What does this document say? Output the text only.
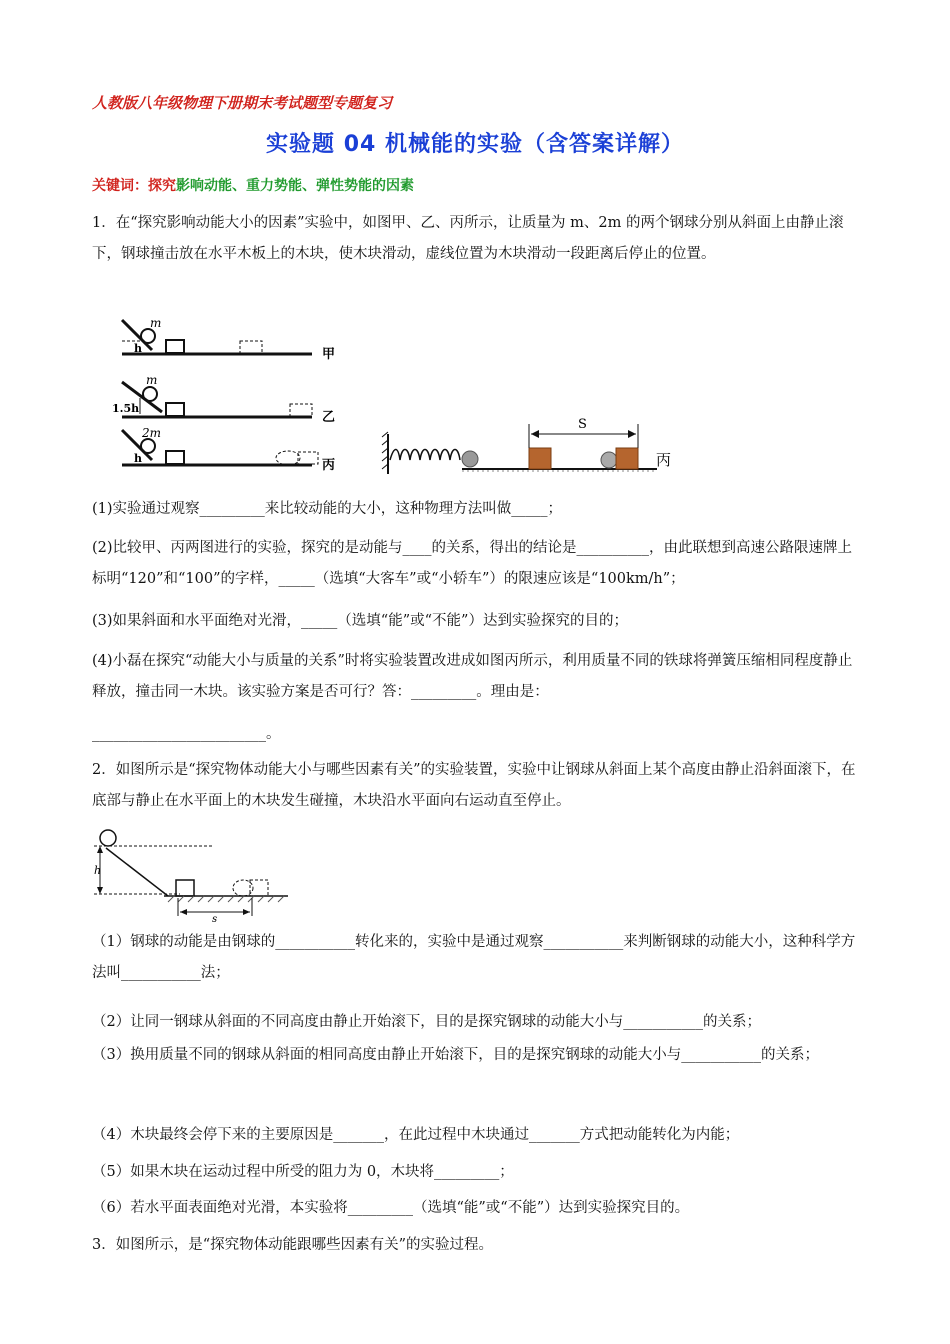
人教版八年级物理下册期末考试题型专题复习
实验题 04 机械能的实验（含答案详解）
关键词：探究影响动能、重力势能、弹性势能的因素
1．在“探究影响动能大小的因素”实验中，如图甲、乙、丙所示，让质量为 m、2m 的两个钢球分别从斜面上由静止滚下，钢球撞击放在水平木板上的木块，使木块滑动，虚线位置为木块滑动一段距离后停止的位置。
m
h	甲
m
1.5h
乙
2m
h	丙
S
丙
(1)实验通过观察_________来比较动能的大小，这种物理方法叫做_____；
(2)比较甲、丙两图进行的实验，探究的是动能与____的关系，得出的结论是__________，由此联想到高速公路限速牌上标明“120”和“100”的字样，_____（选填“大客车”或“小轿车”）的限速应该是“100km/h”；
(3)如果斜面和水平面绝对光滑，_____（选填“能”或“不能”）达到实验探究的目的；
(4)小磊在探究“动能大小与质量的关系”时将实验装置改进成如图丙所示，利用质量不同的铁球将弹簧压缩相同程度静止释放，撞击同一木块。该实验方案是否可行？答：_________。理由是：
________________________。
2．如图所示是“探究物体动能大小与哪些因素有关”的实验装置，实验中让钢球从斜面上某个高度由静止沿斜面滚下，在底部与静止在水平面上的木块发生碰撞，木块沿水平面向右运动直至停止。
h
s
（1）钢球的动能是由钢球的___________转化来的，实验中是通过观察___________来判断钢球的动能大小，这种科学方法叫___________法；
（2）让同一钢球从斜面的不同高度由静止开始滚下，目的是探究钢球的动能大小与___________的关系；
（3）换用质量不同的钢球从斜面的相同高度由静止开始滚下，目的是探究钢球的动能大小与___________的关系；
（4）木块最终会停下来的主要原因是_______，在此过程中木块通过_______方式把动能转化为内能；
（5）如果木块在运动过程中所受的阻力为 0，木块将_________；
（6）若水平面表面绝对光滑，本实验将_________（选填“能”或“不能”）达到实验探究目的。
3．如图所示，是“探究物体动能跟哪些因素有关”的实验过程。
